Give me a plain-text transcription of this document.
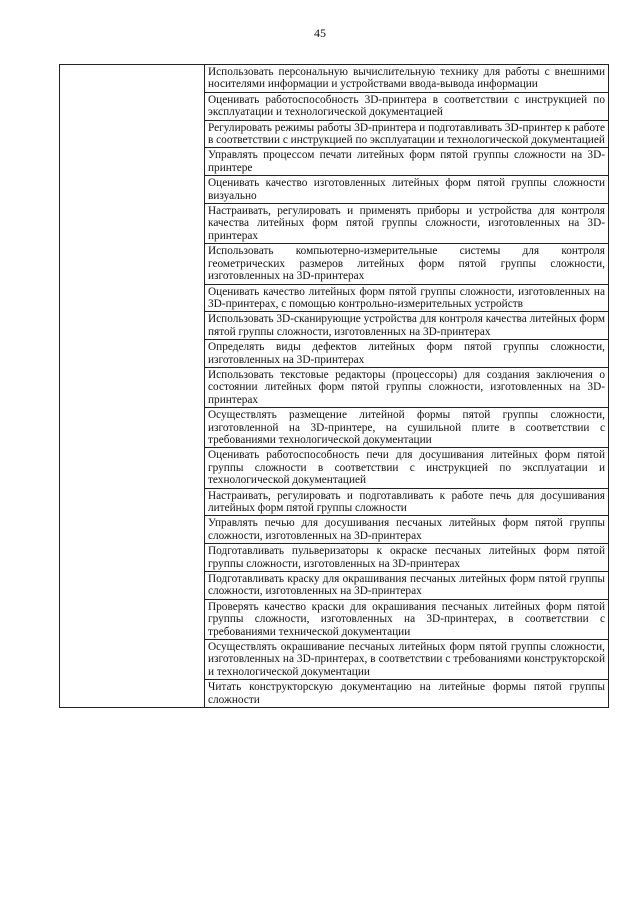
45

Использовать персональную вычислительную технику для работы с внешними носителями информации и устройствами ввода-вывода информации

Оценивать работоспособность 3D-принтера в соответствии с инструкцией по эксплуатации и технологической документацией

Регулировать режимы работы 3D-принтера и подготавливать 3D-принтер к работе в соответствии с инструкцией по эксплуатации и технологической документацией

Управлять процессом печати литейных форм пятой группы сложности на 3D-принтере

Оценивать качество изготовленных литейных форм пятой группы сложности визуально

Настраивать, регулировать и применять приборы и устройства для контроля качества литейных форм пятой группы сложности, изготовленных на 3D-принтерах

Использовать компьютерно-измерительные системы для контроля геометрических размеров литейных форм пятой группы сложности, изготовленных на 3D-принтерах

Оценивать качество литейных форм пятой группы сложности, изготовленных на 3D-принтерах, с помощью контрольно-измерительных устройств

Использовать 3D-сканирующие устройства для контроля качества литейных форм пятой группы сложности, изготовленных на 3D-принтерах

Определять виды дефектов литейных форм пятой группы сложности, изготовленных на 3D-принтерах

Использовать текстовые редакторы (процессоры) для создания заключения о состоянии литейных форм пятой группы сложности, изготовленных на 3D-принтерах

Осуществлять размещение литейной формы пятой группы сложности, изготовленной на 3D-принтере, на сушильной плите в соответствии с требованиями технологической документации

Оценивать работоспособность печи для досушивания литейных форм пятой группы сложности в соответствии с инструкцией по эксплуатации и технологической документацией

Настраивать, регулировать и подготавливать к работе печь для досушивания литейных форм пятой группы сложности

Управлять печью для досушивания песчаных литейных форм пятой группы сложности, изготовленных на 3D-принтерах

Подготавливать пульверизаторы к окраске песчаных литейных форм пятой группы сложности, изготовленных на 3D-принтерах

Подготавливать краску для окрашивания песчаных литейных форм пятой группы сложности, изготовленных на 3D-принтерах

Проверять качество краски для окрашивания песчаных литейных форм пятой группы сложности, изготовленных на 3D-принтерах, в соответствии с требованиями технической документации

Осуществлять окрашивание песчаных литейных форм пятой группы сложности, изготовленных на 3D-принтерах, в соответствии с требованиями конструкторской и технологической документации

Читать конструкторскую документацию на литейные формы пятой группы сложности
